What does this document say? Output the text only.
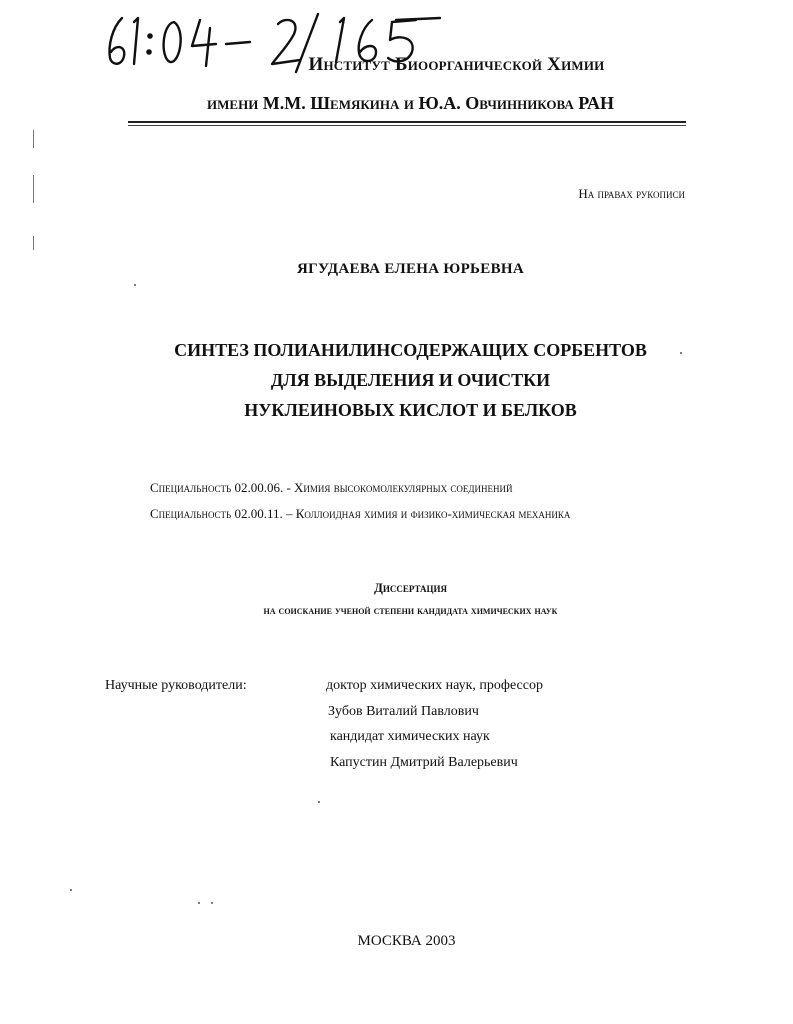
Институт Биоорганической Химии
имени М.М. Шемякина и Ю.А. Овчинникова РАН
На правах рукописи
ЯГУДАЕВА ЕЛЕНА ЮРЬЕВНА
СИНТЕЗ ПОЛИАНИЛИНСОДЕРЖАЩИХ СОРБЕНТОВ
ДЛЯ ВЫДЕЛЕНИЯ И ОЧИСТКИ
НУКЛЕИНОВЫХ КИСЛОТ И БЕЛКОВ
Специальность 02.00.06. - Химия высокомолекулярных соединений
Специальность 02.00.11. – Коллоидная химия и физико-химическая механика
Диссертация
на соискание ученой степени кандидата химических наук
Научные руководители:	доктор химических наук, профессор
Зубов Виталий Павлович
кандидат химических наук
Капустин Дмитрий Валерьевич
МОСКВА 2003
